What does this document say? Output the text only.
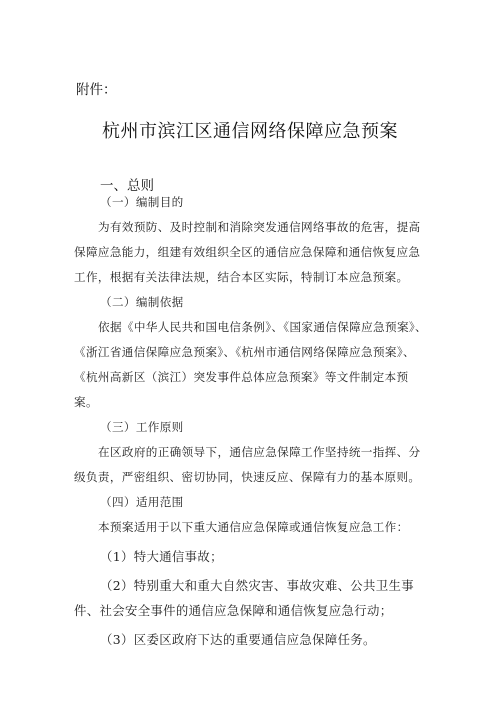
附件：
杭州市滨江区通信网络保障应急预案
一、总则

（一）编制目的

为有效预防、及时控制和消除突发通信网络事故的危害，提高保障应急能力，组建有效组织全区的通信应急保障和通信恢复应急工作，根据有关法律法规，结合本区实际，特制订本应急预案。

（二）编制依据

依据《中华人民共和国电信条例》、《国家通信保障应急预案》、《浙江省通信保障应急预案》、《杭州市通信网络保障应急预案》、《杭州高新区（滨江）突发事件总体应急预案》等文件制定本预案。

（三）工作原则

在区政府的正确领导下，通信应急保障工作坚持统一指挥、分级负责，严密组织、密切协同，快速反应、保障有力的基本原则。

（四）适用范围

本预案适用于以下重大通信应急保障或通信恢复应急工作：

（1）特大通信事故；

（2）特别重大和重大自然灾害、事故灾难、公共卫生事件、社会安全事件的通信应急保障和通信恢复应急行动；

（3）区委区政府下达的重要通信应急保障任务。
